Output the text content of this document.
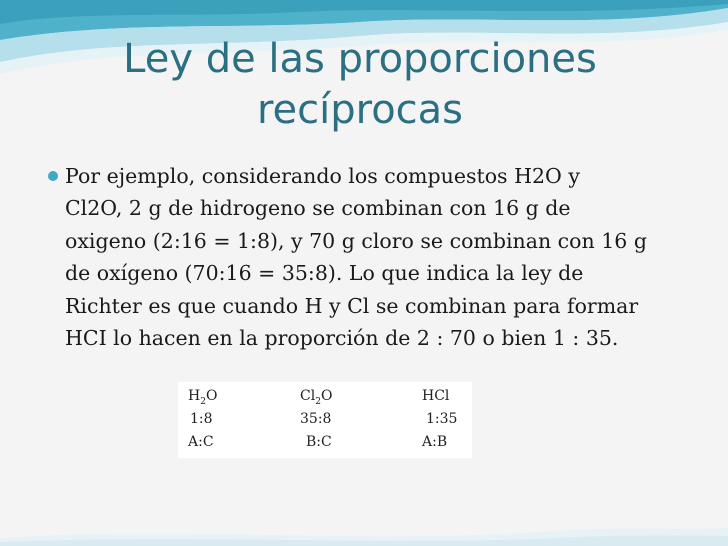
Ley de las proporciones
recíprocas
Por ejemplo, considerando los compuestos H2O y
Cl2O, 2 g de hidrogeno se combinan con 16 g de
oxigeno (2:16 = 1:8), y 70 g cloro se combinan con 16 g
de oxígeno (70:16 = 35:8). Lo que indica la ley de
Richter es que cuando H y Cl se combinan para formar
HCI lo hacen en la proporción de 2 : 70 o bien 1 : 35.
$H_2O$	$Cl_2O$	HCl
1:8	35:8	1:35
A:C	B:C	A:B
